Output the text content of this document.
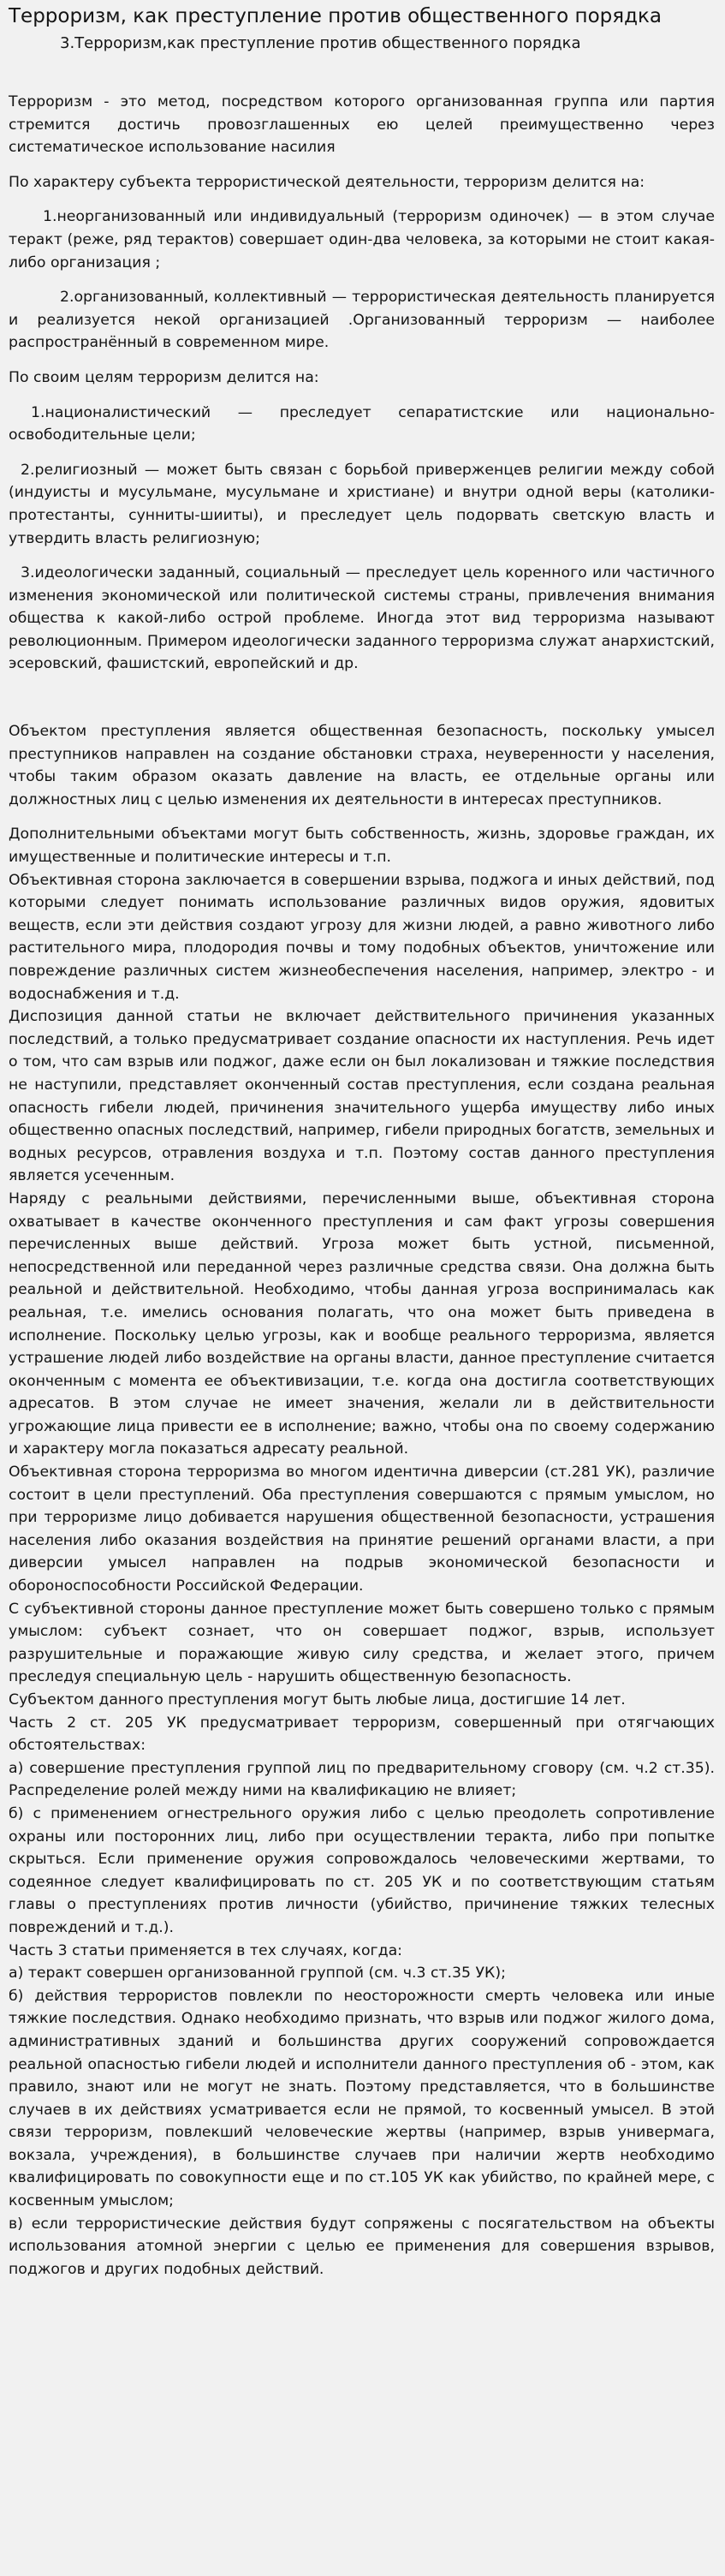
Терроризм, как преступление против общественного порядка
3.Терроризм,как преступление против общественного порядка

Терроризм - это метод, посредством которого организованная группа или партия стремится достичь провозглашенных ею целей преимущественно через систематическое использование насилия

По характеру субъекта террористической деятельности, терроризм делится на:

1.неорганизованный или индивидуальный (терроризм одиночек) — в этом случае теракт (реже, ряд терактов) совершает один-два человека, за которыми не стоит какая-либо организация ;

2.организованный, коллективный — террористическая деятельность планируется и реализуется некой организацией .Организованный терроризм — наиболее распространённый в современном мире.

По своим целям терроризм делится на:

1.националистический — преследует сепаратистские или национально-освободительные цели;

2.религиозный — может быть связан с борьбой приверженцев религии между собой (индуисты и мусульмане, мусульмане и христиане) и внутри одной веры (католики-протестанты, сунниты-шииты), и преследует цель подорвать светскую власть и утвердить власть религиозную;

3.идеологически заданный, социальный — преследует цель коренного или частичного изменения экономической или политической системы страны, привлечения внимания общества к какой-либо острой проблеме. Иногда этот вид терроризма называют революционным. Примером идеологически заданного терроризма служат анархистский, эсеровский, фашистский, европейский и др.

Объектом преступления является общественная безопасность, поскольку умысел преступников направлен на создание обстановки страха, неуверенности у населения, чтобы таким образом оказать давление на власть, ее отдельные органы или должностных лиц с целью изменения их деятельности в интересах преступников.

Дополнительными объектами могут быть собственность, жизнь, здоровье граждан, их имущественные и политические интересы и т.п.

Объективная сторона заключается в совершении взрыва, поджога и иных действий, под которыми следует понимать использование различных видов оружия, ядовитых веществ, если эти действия создают угрозу для жизни людей, а равно животного либо растительного мира, плодородия почвы и тому подобных объектов, уничтожение или повреждение различных систем жизнеобеспечения населения, например, электро - и водоснабжения и т.д.

Диспозиция данной статьи не включает действительного причинения указанных последствий, а только предусматривает создание опасности их наступления. Речь идет о том, что сам взрыв или поджог, даже если он был локализован и тяжкие последствия не наступили, представляет оконченный состав преступления, если создана реальная опасность гибели людей, причинения значительного ущерба имуществу либо иных общественно опасных последствий, например, гибели природных богатств, земельных и водных ресурсов, отравления воздуха и т.п. Поэтому состав данного преступления является усеченным.

Наряду с реальными действиями, перечисленными выше, объективная сторона охватывает в качестве оконченного преступления и сам факт угрозы совершения перечисленных выше действий. Угроза может быть устной, письменной, непосредственной или переданной через различные средства связи. Она должна быть реальной и действительной. Необходимо, чтобы данная угроза воспринималась как реальная, т.е. имелись основания полагать, что она может быть приведена в исполнение. Поскольку целью угрозы, как и вообще реального терроризма, является устрашение людей либо воздействие на органы власти, данное преступление считается оконченным с момента ее объективизации, т.е. когда она достигла соответствующих адресатов. В этом случае не имеет значения, желали ли в действительности угрожающие лица привести ее в исполнение; важно, чтобы она по своему содержанию и характеру могла показаться адресату реальной.

Объективная сторона терроризма во многом идентична диверсии (ст.281 УК), различие состоит в цели преступлений. Оба преступления совершаются с прямым умыслом, но при терроризме лицо добивается нарушения общественной безопасности, устрашения населения либо оказания воздействия на принятие решений органами власти, а при диверсии умысел направлен на подрыв экономической безопасности и обороноспособности Российской Федерации.

С субъективной стороны данное преступление может быть совершено только с прямым умыслом: субъект сознает, что он совершает поджог, взрыв, использует разрушительные и поражающие живую силу средства, и желает этого, причем преследуя специальную цель - нарушить общественную безопасность.

Субъектом данного преступления могут быть любые лица, достигшие 14 лет.

Часть 2 ст. 205 УК предусматривает терроризм, совершенный при отягчающих обстоятельствах:

а) совершение преступления группой лиц по предварительному сговору (см. ч.2 ст.35). Распределение ролей между ними на квалификацию не влияет;

б) с применением огнестрельного оружия либо с целью преодолеть сопротивление охраны или посторонних лиц, либо при осуществлении теракта, либо при попытке скрыться. Если применение оружия сопровождалось человеческими жертвами, то содеянное следует квалифицировать по ст. 205 УК и по соответствующим статьям главы о преступлениях против личности (убийство, причинение тяжких телесных повреждений и т.д.).

Часть 3 статьи применяется в тех случаях, когда:

а) теракт совершен организованной группой (см. ч.3 ст.35 УК);

б) действия террористов повлекли по неосторожности смерть человека или иные тяжкие последствия. Однако необходимо признать, что взрыв или поджог жилого дома, административных зданий и большинства других сооружений сопровождается реальной опасностью гибели людей и исполнители данного преступления об - этом, как правило, знают или не могут не знать. Поэтому представляется, что в большинстве случаев в их действиях усматривается если не прямой, то косвенный умысел. В этой связи терроризм, повлекший человеческие жертвы (например, взрыв универмага, вокзала, учреждения), в большинстве случаев при наличии жертв необходимо квалифицировать по совокупности еще и по ст.105 УК как убийство, по крайней мере, с косвенным умыслом;

в) если террористические действия будут сопряжены с посягательством на объекты использования атомной энергии с целью ее применения для совершения взрывов, поджогов и других подобных действий.
